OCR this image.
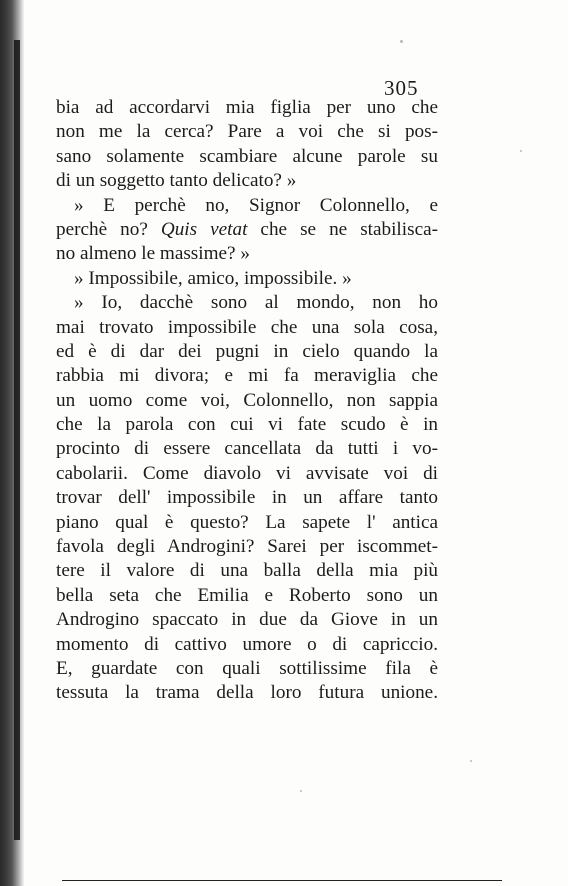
305
bia ad accordarvi mia figlia per uno che
non me la cerca? Pare a voi che si pos-
sano solamente scambiare alcune parole su
di un soggetto tanto delicato? »
» E perchè no, Signor Colonnello, e
perchè no? Quis vetat che se ne stabilisca-
no almeno le massime? »
» Impossibile, amico, impossibile. »
» Io, dacchè sono al mondo, non ho
mai trovato impossibile che una sola cosa,
ed è di dar dei pugni in cielo quando la
rabbia mi divora; e mi fa meraviglia che
un uomo come voi, Colonnello, non sappia
che la parola con cui vi fate scudo è in
procinto di essere cancellata da tutti i vo-
cabolarii. Come diavolo vi avvisate voi di
trovar dell' impossibile in un affare tanto
piano qual è questo? La sapete l' antica
favola degli Androgini? Sarei per iscommet-
tere il valore di una balla della mia più
bella seta che Emilia e Roberto sono un
Androgino spaccato in due da Giove in un
momento di cattivo umore o di capriccio.
E, guardate con quali sottilissime fila è
tessuta la trama della loro futura unione.
